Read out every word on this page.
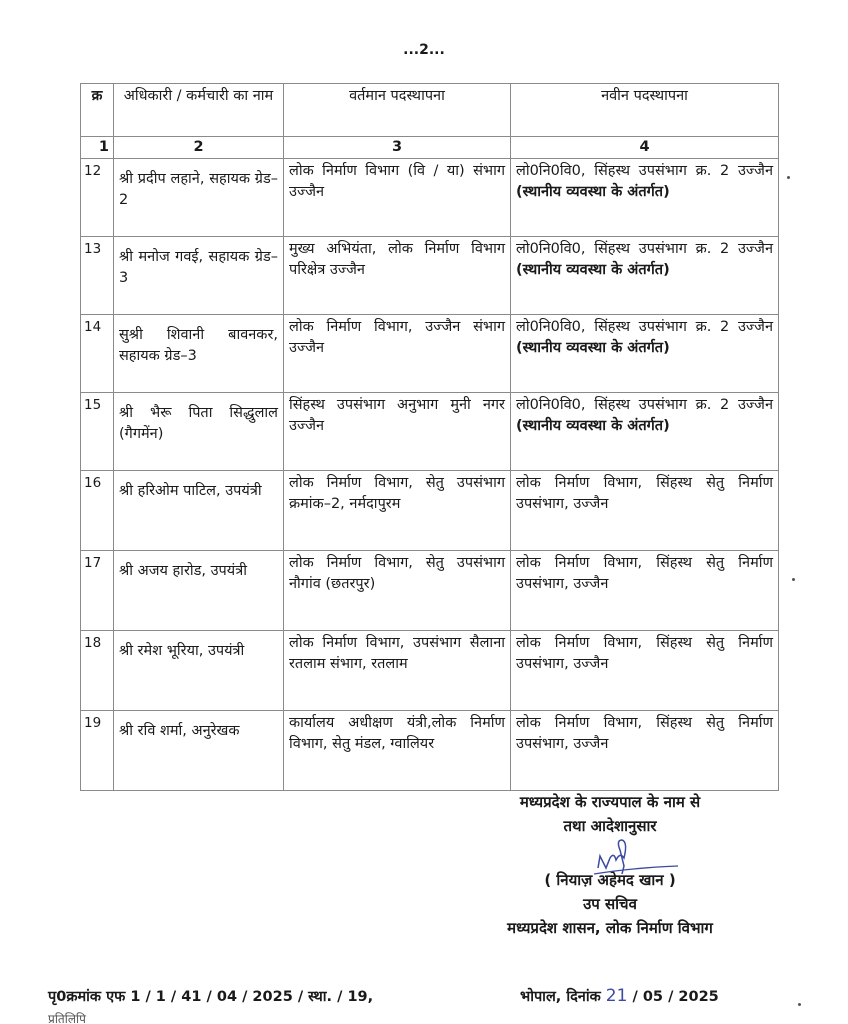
...2...
क्र	अधिकारी / कर्मचारी का नाम	वर्तमान पदस्थापना	नवीन पदस्थापना
1	2	3	4
12	श्री प्रदीप लहाने, सहायक ग्रेड–2	लोक निर्माण विभाग (वि / या) संभाग उज्जैन	लो0नि0वि0, सिंहस्थ उपसंभाग क्र. 2 उज्जैन (स्थानीय व्यवस्था के अंतर्गत)
13	श्री मनोज गवई, सहायक ग्रेड–3	मुख्य अभियंता, लोक निर्माण विभाग परिक्षेत्र उज्जैन	लो0नि0वि0, सिंहस्थ उपसंभाग क्र. 2 उज्जैन (स्थानीय व्यवस्था के अंतर्गत)
14	सुश्री शिवानी बावनकर, सहायक ग्रेड–3	लोक निर्माण विभाग, उज्जैन संभाग उज्जैन	लो0नि0वि0, सिंहस्थ उपसंभाग क्र. 2 उज्जैन (स्थानीय व्यवस्था के अंतर्गत)
15	श्री भैरू पिता सिद्धुलाल (गैगमेंन)	सिंहस्थ उपसंभाग अनुभाग मुनी नगर उज्जैन	लो0नि0वि0, सिंहस्थ उपसंभाग क्र. 2 उज्जैन (स्थानीय व्यवस्था के अंतर्गत)
16	श्री हरिओम पाटिल, उपयंत्री	लोक निर्माण विभाग, सेतु उपसंभाग क्रमांक–2, नर्मदापुरम	लोक निर्माण विभाग, सिंहस्थ सेतु निर्माण उपसंभाग, उज्जैन
17	श्री अजय हारोड, उपयंत्री	लोक निर्माण विभाग, सेतु उपसंभाग नौगांव (छतरपुर)	लोक निर्माण विभाग, सिंहस्थ सेतु निर्माण उपसंभाग, उज्जैन
18	श्री रमेश भूरिया, उपयंत्री	लोक निर्माण विभाग, उपसंभाग सैलाना रतलाम संभाग, रतलाम	लोक निर्माण विभाग, सिंहस्थ सेतु निर्माण उपसंभाग, उज्जैन
19	श्री रवि शर्मा, अनुरेखक	कार्यालय अधीक्षण यंत्री,लोक निर्माण विभाग, सेतु मंडल, ग्वालियर	लोक निर्माण विभाग, सिंहस्थ सेतु निर्माण उपसंभाग, उज्जैन
मध्यप्रदेश के राज्यपाल के नाम से
तथा आदेशानुसार
( नियाज़ अहेमद खान )
उप सचिव
मध्यप्रदेश शासन, लोक निर्माण विभाग
पृ0क्रमांक एफ 1 / 1 / 41 / 04 / 2025 / स्था. / 19,	भोपाल, दिनांक 21 / 05 / 2025
प्रतिलिपि
